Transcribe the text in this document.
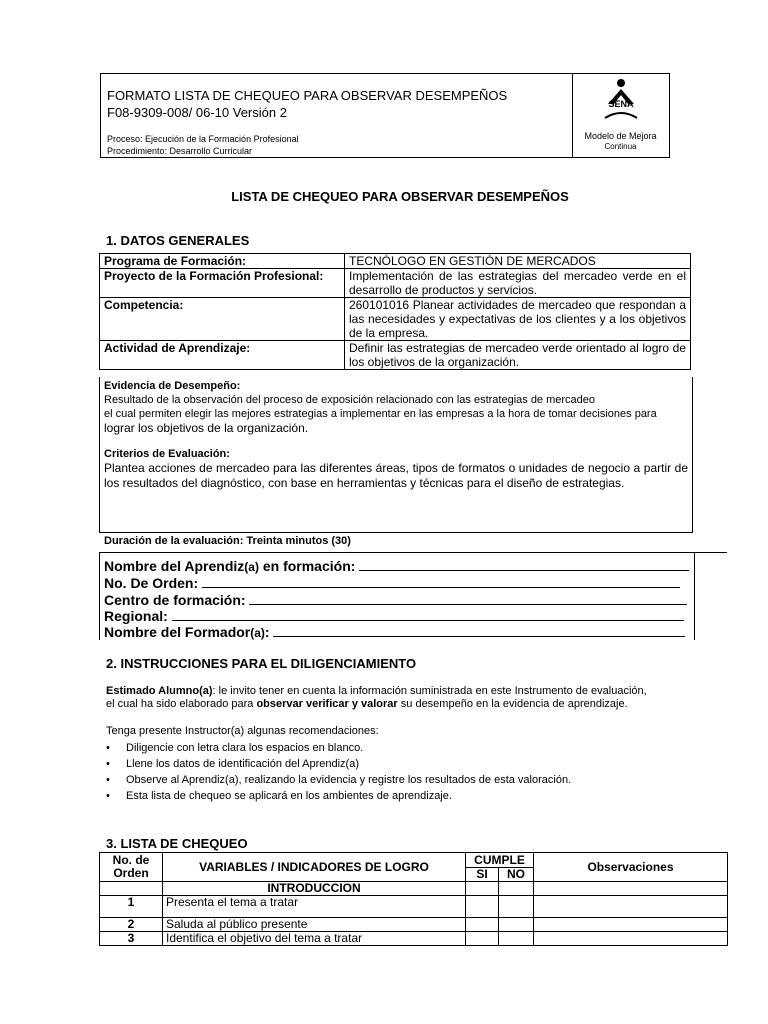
FORMATO LISTA DE CHEQUEO PARA OBSERVAR DESEMPEÑOS
F08-9309-008/ 06-10 Versión 2
Proceso: Ejecución de la Formación Profesional
Procedimiento: Desarrollo Curricular
SENA
Modelo de Mejora
Continua
LISTA DE CHEQUEO PARA OBSERVAR DESEMPEÑOS
1. DATOS GENERALES
Programa de Formación:	TECNÓLOGO EN GESTIÓN DE MERCADOS
Proyecto de la Formación Profesional:	Implementación de las estrategias del mercadeo verde en el desarrollo de productos y servicios.
Competencia:	260101016 Planear actividades de mercadeo que respondan a las necesidades y expectativas de los clientes y a los objetivos de la empresa.
Actividad de Aprendizaje:	Definir las estrategias de mercadeo verde orientado al logro de los objetivos de la organización.
Evidencia de Desempeño:
Resultado de la observación del proceso de exposición relacionado con las estrategias de mercadeo
el cual permiten elegir las mejores estrategias a implementar en las empresas a la hora de tomar decisiones para
lograr los objetivos de la organización.
Criterios de Evaluación:
Plantea acciones de mercadeo para las diferentes áreas, tipos de formatos o unidades de negocio a partir de los resultados del diagnóstico, con base en herramientas y técnicas para el diseño de estrategias.
Duración de la evaluación: Treinta minutos (30)
Nombre del Aprendiz(a) en formación:
No. De Orden:
Centro de formación:
Regional:
Nombre del Formador(a):
2. INSTRUCCIONES PARA EL DILIGENCIAMIENTO
Estimado Alumno(a): le invito tener en cuenta la información suministrada en este Instrumento de evaluación,
el cual ha sido elaborado para observar verificar y valorar su desempeño en la evidencia de aprendizaje.
Tenga presente Instructor(a) algunas recomendaciones:
• Diligencie con letra clara los espacios en blanco.
• Llene los datos de identificación del Aprendiz(a)
• Observe al Aprendiz(a), realizando la evidencia y registre los resultados de esta valoración.
• Esta lista de chequeo se aplicará en los ambientes de aprendizaje.
3. LISTA DE CHEQUEO
No. de Orden	VARIABLES / INDICADORES DE LOGRO	CUMPLE		Observaciones
		SI	NO	
	INTRODUCCION			
1	Presenta el tema a tratar			
2	Saluda al público presente			
3	Identifica el objetivo del tema a tratar			
